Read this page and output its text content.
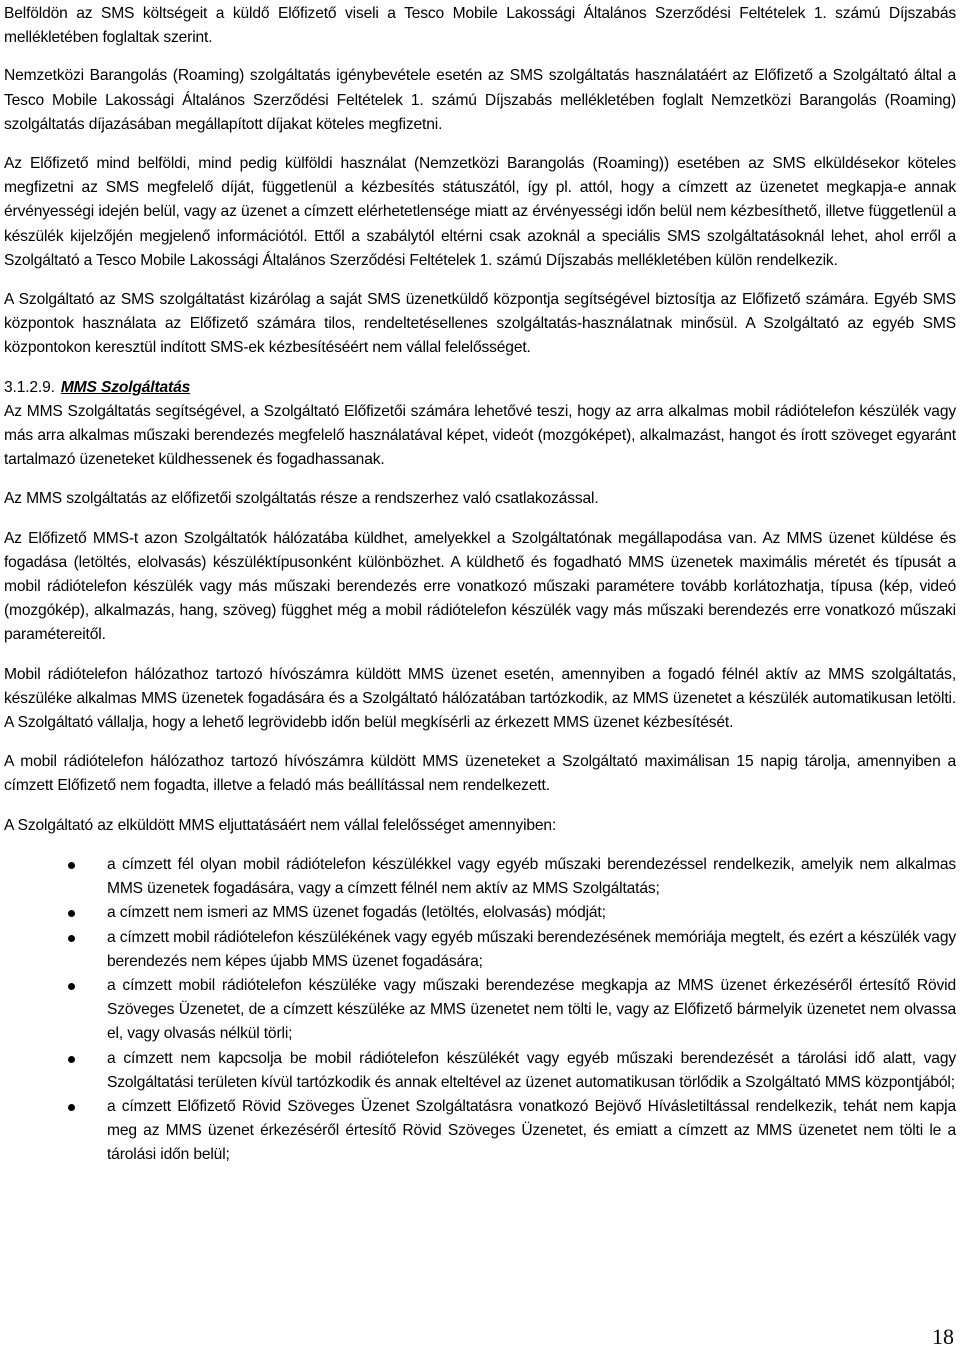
Belföldön az SMS költségeit a küldő Előfizető viseli a Tesco Mobile Lakossági Általános Szerződési Feltételek 1. számú Díjszabás mellékletében foglaltak szerint.

Nemzetközi Barangolás (Roaming) szolgáltatás igénybevétele esetén az SMS szolgáltatás használatáért az Előfizető a Szolgáltató által a Tesco Mobile Lakossági Általános Szerződési Feltételek 1. számú Díjszabás mellékletében foglalt Nemzetközi Barangolás (Roaming) szolgáltatás díjazásában megállapított díjakat köteles megfizetni.

Az Előfizető mind belföldi, mind pedig külföldi használat (Nemzetközi Barangolás (Roaming)) esetében az SMS elküldésekor köteles megfizetni az SMS megfelelő díját, függetlenül a kézbesítés státuszától, így pl. attól, hogy a címzett az üzenetet megkapja-e annak érvényességi idején belül, vagy az üzenet a címzett elérhetetlensége miatt az érvényességi időn belül nem kézbesíthető, illetve függetlenül a készülék kijelzőjén megjelenő információtól. Ettől a szabálytól eltérni csak azoknál a speciális SMS szolgáltatásoknál lehet, ahol erről a Szolgáltató a Tesco Mobile Lakossági Általános Szerződési Feltételek 1. számú Díjszabás mellékletében külön rendelkezik.

A Szolgáltató az SMS szolgáltatást kizárólag a saját SMS üzenetküldő központja segítségével biztosítja az Előfizető számára. Egyéb SMS központok használata az Előfizető számára tilos, rendeltetésellenes szolgáltatás-használatnak minősül. A Szolgáltató az egyéb SMS központokon keresztül indított SMS-ek kézbesítéséért nem vállal felelősséget.

3.1.2.9. MMS Szolgáltatás

Az MMS Szolgáltatás segítségével, a Szolgáltató Előfizetői számára lehetővé teszi, hogy az arra alkalmas mobil rádiótelefon készülék vagy más arra alkalmas műszaki berendezés megfelelő használatával képet, videót (mozgóképet), alkalmazást, hangot és írott szöveget egyaránt tartalmazó üzeneteket küldhessenek és fogadhassanak.

Az MMS szolgáltatás az előfizetői szolgáltatás része a rendszerhez való csatlakozással.

Az Előfizető MMS-t azon Szolgáltatók hálózatába küldhet, amelyekkel a Szolgáltatónak megállapodása van. Az MMS üzenet küldése és fogadása (letöltés, elolvasás) készüléktípusonként különbözhet. A küldhető és fogadható MMS üzenetek maximális méretét és típusát a mobil rádiótelefon készülék vagy más műszaki berendezés erre vonatkozó műszaki paramétere tovább korlátozhatja, típusa (kép, videó (mozgókép), alkalmazás, hang, szöveg) függhet még a mobil rádiótelefon készülék vagy más műszaki berendezés erre vonatkozó műszaki paramétereitől.

Mobil rádiótelefon hálózathoz tartozó hívószámra küldött MMS üzenet esetén, amennyiben a fogadó félnél aktív az MMS szolgáltatás, készüléke alkalmas MMS üzenetek fogadására és a Szolgáltató hálózatában tartózkodik, az MMS üzenetet a készülék automatikusan letölti. A Szolgáltató vállalja, hogy a lehető legrövidebb időn belül megkísérli az érkezett MMS üzenet kézbesítését.

A mobil rádiótelefon hálózathoz tartozó hívószámra küldött MMS üzeneteket a Szolgáltató maximálisan 15 napig tárolja, amennyiben a címzett Előfizető nem fogadta, illetve a feladó más beállítással nem rendelkezett.

A Szolgáltató az elküldött MMS eljuttatásáért nem vállal felelősséget amennyiben:

a címzett fél olyan mobil rádiótelefon készülékkel vagy egyéb műszaki berendezéssel rendelkezik, amelyik nem alkalmas MMS üzenetek fogadására, vagy a címzett félnél nem aktív az MMS Szolgáltatás;
a címzett nem ismeri az MMS üzenet fogadás (letöltés, elolvasás) módját;
a címzett mobil rádiótelefon készülékének vagy egyéb műszaki berendezésének memóriája megtelt, és ezért a készülék vagy berendezés nem képes újabb MMS üzenet fogadására;
a címzett mobil rádiótelefon készüléke vagy műszaki berendezése megkapja az MMS üzenet érkezéséről értesítő Rövid Szöveges Üzenetet, de a címzett készüléke az MMS üzenetet nem tölti le, vagy az Előfizető bármelyik üzenetet nem olvassa el, vagy olvasás nélkül törli;
a címzett nem kapcsolja be mobil rádiótelefon készülékét vagy egyéb műszaki berendezését a tárolási idő alatt, vagy Szolgáltatási területen kívül tartózkodik és annak elteltével az üzenet automatikusan törlődik a Szolgáltató MMS központjából;
a címzett Előfizető Rövid Szöveges Üzenet Szolgáltatásra vonatkozó Bejövő Hívásletiltással rendelkezik, tehát nem kapja meg az MMS üzenet érkezéséről értesítő Rövid Szöveges Üzenetet, és emiatt a címzett az MMS üzenetet nem tölti le a tárolási időn belül;
18
